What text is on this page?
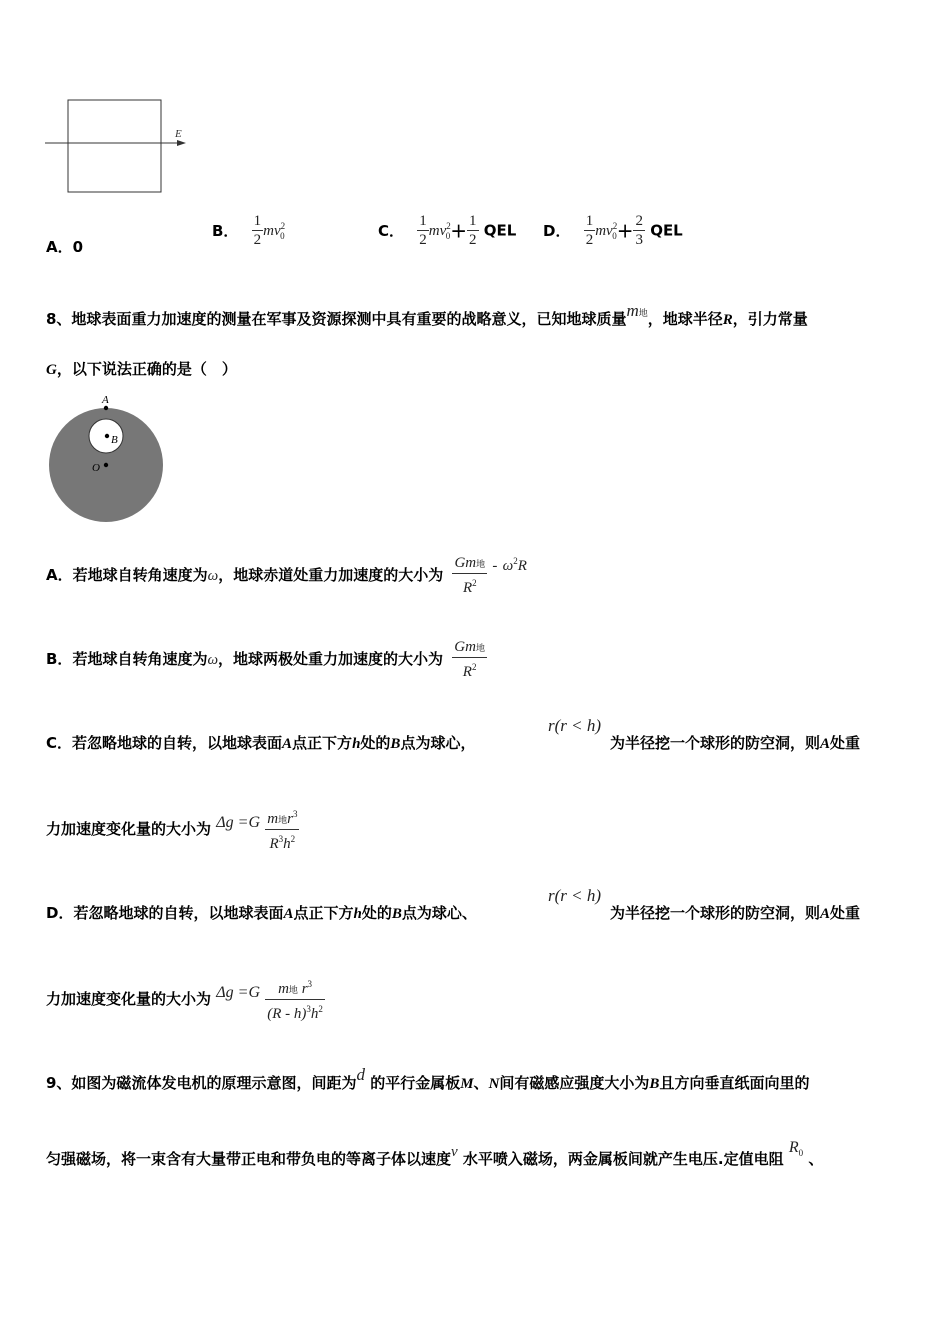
E
A．0
B． $\frac{1}{2} mv^2_0$	C． $\frac{1}{2} mv^2_0+ \frac{1}{2}$ QEL D． $\frac{1}{2} mv^2_0+ \frac{2}{3}$ QEL
8、地球表面重力加速度的测量在军事及资源探测中具有重要的战略意义，已知地球质量m地，地球半径R，引力常量
G，以下说法正确的是（　）
A
B
O
A．若地球自转角速度为ω，地球赤道处重力加速度的大小为 $\frac{\text{Gm地}}{R^2} - \omega^2R$
B．若地球自转角速度为ω，地球两极处重力加速度的大小为 $\frac{\text{Gm地}}{R^2}$
C．若忽略地球的自转，以地球表面A点正下方h处的B点为球心，
r(r < h)
为半径挖一个球形的防空洞，则A处重
力加速度变化量的大小为 $\Delta g =G \frac{m地r^3}{R^3h^2}$
D．若忽略地球的自转，以地球表面A点正下方h处的B点为球心、
r(r < h)
为半径挖一个球形的防空洞，则A处重
力加速度变化量的大小为 $\Delta g =G \frac{m地 r^3}{(R - h)^3h^2}$
9、如图为磁流体发电机的原理示意图，间距为d 的平行金属板M、N间有磁感应强度大小为B且方向垂直纸面向里的
匀强磁场，将一束含有大量带正电和带负电的等离子体以速度v 水平喷入磁场，两金属板间就产生电压.定值电阻 $R_0$ 、
